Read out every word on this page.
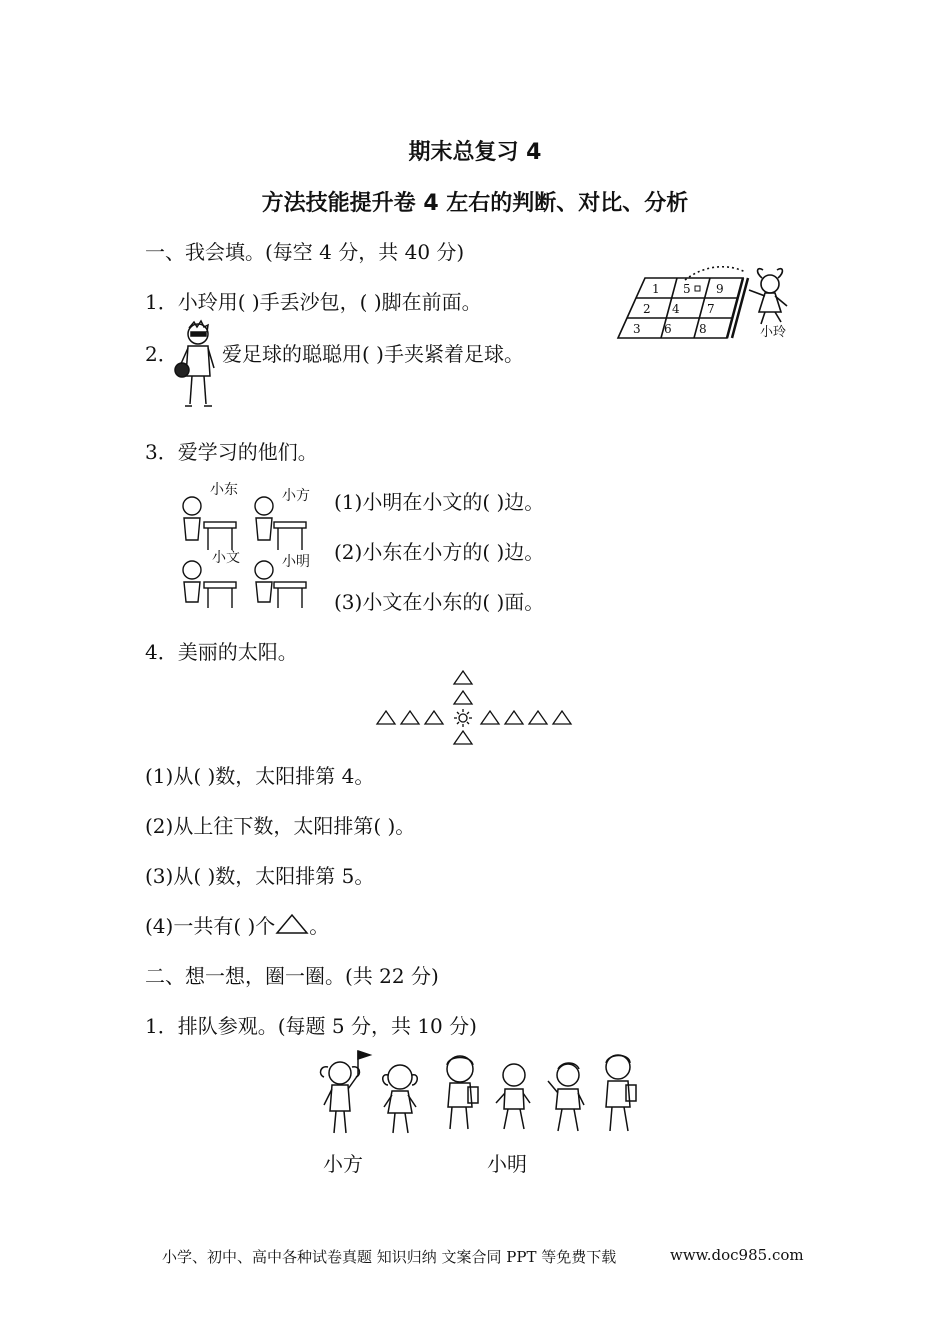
期末总复习 4
方法技能提升卷 4 左右的判断、对比、分析
一、我会填。(每空 4 分，共 40 分)
1．小玲用( )手丢沙包，( )脚在前面。
1 5 9
2 4 7
3 6 8	小玲
2． 爱足球的聪聪用( )手夹紧着足球。
3．爱学习的他们。
小东	小方
小文	小明
(1)小明在小文的( )边。
(2)小东在小方的( )边。
(3)小文在小东的( )面。
4．美丽的太阳。
(1)从( )数，太阳排第 4。
(2)从上往下数，太阳排第( )。
(3)从( )数，太阳排第 5。
(4)一共有( )个 。
二、想一想，圈一圈。(共 22 分)
1．排队参观。(每题 5 分，共 10 分)
小方	小明
小学、初中、高中各种试卷真题 知识归纳 文案合同 PPT 等免费下载	www.doc985.com
